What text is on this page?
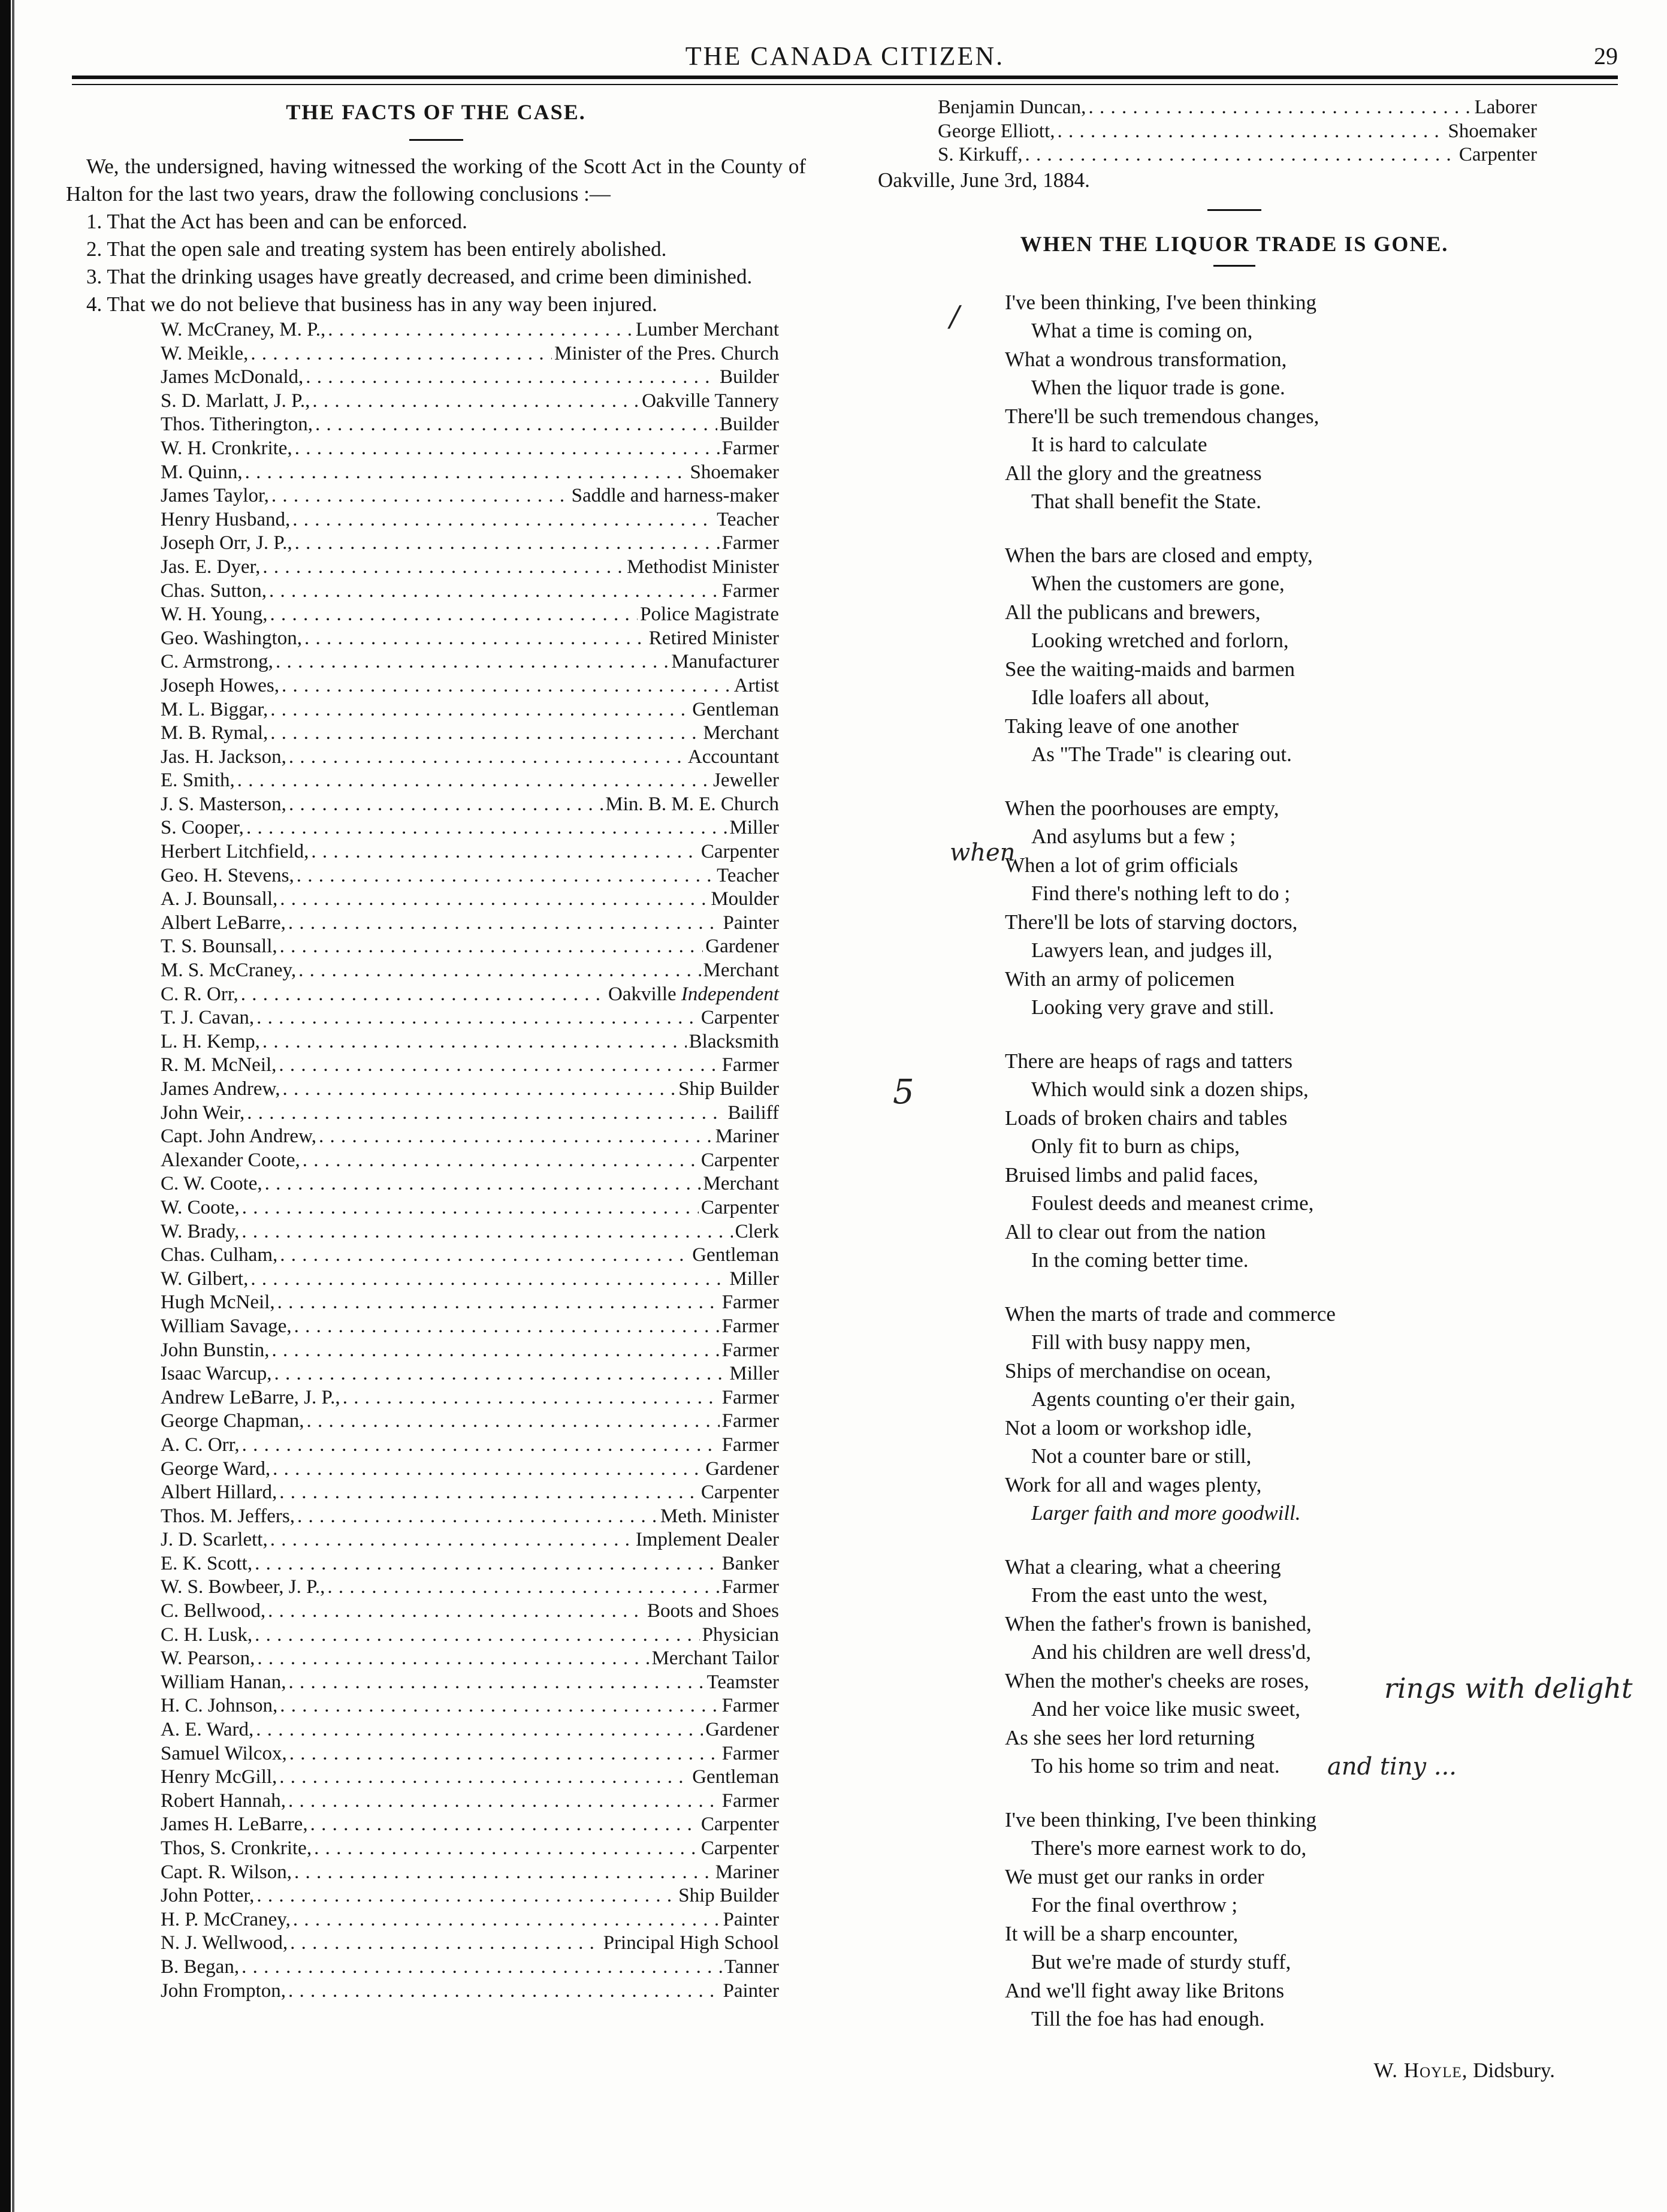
THE CANADA CITIZEN.	29
THE FACTS OF THE CASE.

We, the undersigned, having witnessed the working of the Scott Act in the County of Halton for the last two years, draw the following conclusions :—

1. That the Act has been and can be enforced.

2. That the open sale and treating system has been entirely abolished.

3. That the drinking usages have greatly decreased, and crime been diminished.

4. That we do not believe that business has in any way been injured.

W. McCraney, M. P., . . .	Lumber Merchant
W. Meikle, . . .	Minister of the Pres. Church
James McDonald, . . .	Builder
S. D. Marlatt, J. P., . . .	Oakville Tannery
Thos. Titherington, . . .	Builder
W. H. Cronkrite, . . .	Farmer
M. Quinn, . . .	Shoemaker
James Taylor, . . .	Saddle and harness-maker
Henry Husband, . . .	Teacher
Joseph Orr, J. P., . . .	Farmer
Jas. E. Dyer, . . .	Methodist Minister
Chas. Sutton, . . .	Farmer
W. H. Young, . . .	Police Magistrate
Geo. Washington, . . .	Retired Minister
C. Armstrong, . . .	Manufacturer
Joseph Howes, . . .	Artist
M. L. Biggar, . . .	Gentleman
M. B. Rymal, . . .	Merchant
Jas. H. Jackson, . . .	Accountant
E. Smith, . . .	Jeweller
J. S. Masterson, . . .	Min. B. M. E. Church
S. Cooper, . . .	Miller
Herbert Litchfield, . . .	Carpenter
Geo. H. Stevens, . . .	Teacher
A. J. Bounsall, . . .	Moulder
Albert LeBarre, . . .	Painter
T. S. Bounsall, . . .	Gardener
M. S. McCraney, . . .	Merchant
C. R. Orr, . . .	Oakville Independent
T. J. Cavan, . . .	Carpenter
L. H. Kemp, . . .	Blacksmith
R. M. McNeil, . . .	Farmer
James Andrew, . . .	Ship Builder
John Weir, . . .	Bailiff
Capt. John Andrew, . . .	Mariner
Alexander Coote, . . .	Carpenter
C. W. Coote, . . .	Merchant
W. Coote, . . .	Carpenter
W. Brady, . . .	Clerk
Chas. Culham, . . .	Gentleman
W. Gilbert, . . .	Miller
Hugh McNeil, . . .	Farmer
William Savage, . . .	Farmer
John Bunstin, . . .	Farmer
Isaac Warcup, . . .	Miller
Andrew LeBarre, J. P., . . .	Farmer
George Chapman, . . .	Farmer
A. C. Orr, . . .	Farmer
George Ward, . . .	Gardener
Albert Hillard, . . .	Carpenter
Thos. M. Jeffers, . . .	Meth. Minister
J. D. Scarlett, . . .	Implement Dealer
E. K. Scott, . . .	Banker
W. S. Bowbeer, J. P., . . .	Farmer
C. Bellwood, . . .	Boots and Shoes
C. H. Lusk, . . .	Physician
W. Pearson, . . .	Merchant Tailor
William Hanan, . . .	Teamster
H. C. Johnson, . . .	Farmer
A. E. Ward, . . .	Gardener
Samuel Wilcox, . . .	Farmer
Henry McGill, . . .	Gentleman
Robert Hannah, . . .	Farmer
James H. LeBarre, . . .	Carpenter
Thos, S. Cronkrite, . . .	Carpenter
Capt. R. Wilson, . . .	Mariner
John Potter, . . .	Ship Builder
H. P. McCraney, . . .	Painter
N. J. Wellwood, . . .	Principal High School
B. Began, . . .	Tanner
John Frompton, . . .	Painter
Benjamin Duncan, . . .	Laborer
George Elliott, . . .	Shoemaker
S. Kirkuff, . . .	Carpenter

Oakville, June 3rd, 1884.

WHEN THE LIQUOR TRADE IS GONE.
I've been thinking, I've been thinking
What a time is coming on,
What a wondrous transformation,
When the liquor trade is gone.
There'll be such tremendous changes,
It is hard to calculate
All the glory and the greatness
That shall benefit the State.
When the bars are closed and empty,
When the customers are gone,
All the publicans and brewers,
Looking wretched and forlorn,
See the waiting-maids and barmen
Idle loafers all about,
Taking leave of one another
As "The Trade" is clearing out.
When the poorhouses are empty,
And asylums but a few ;
When a lot of grim officials
Find there's nothing left to do ;
There'll be lots of starving doctors,
Lawyers lean, and judges ill,
With an army of policemen
Looking very grave and still.
There are heaps of rags and tatters
Which would sink a dozen ships,
Loads of broken chairs and tables
Only fit to burn as chips,
Bruised limbs and palid faces,
Foulest deeds and meanest crime,
All to clear out from the nation
In the coming better time.
When the marts of trade and commerce
Fill with busy nappy men,
Ships of merchandise on ocean,
Agents counting o'er their gain,
Not a loom or workshop idle,
Not a counter bare or still,
Work for all and wages plenty,
Larger faith and more goodwill.
What a clearing, what a cheering
From the east unto the west,
When the father's frown is banished,
And his children are well dress'd,
When the mother's cheeks are roses,
And her voice like music sweet,
As she sees her lord returning
To his home so trim and neat.
I've been thinking, I've been thinking
There's more earnest work to do,
We must get our ranks in order
For the final overthrow ;
It will be a sharp encounter,
But we're made of sturdy stuff,
And we'll fight away like Britons
Till the foe has had enough.

W. Hoyle, Didsbury.

/
when
5
rings with delight
and tiny ...
